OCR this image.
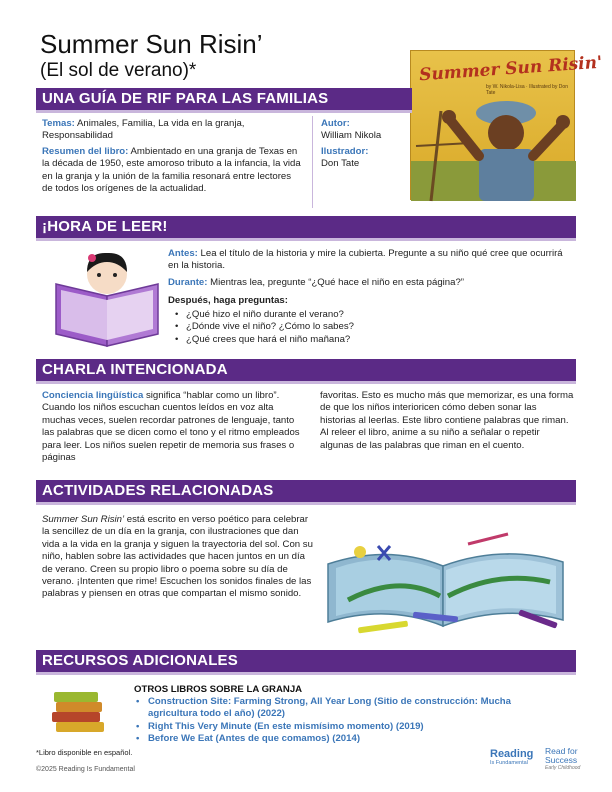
Summer Sun Risin’
(El sol de verano)*	Summer Sun Risin'
by W. Nikola-Lisa · Illustrated by Don Tate
UNA GUÍA DE RIF PARA LAS FAMILIAS
Temas: Animales, Familia, La vida en la granja, Responsabilidad
Resumen del libro: Ambientado en una granja de Texas en la década de 1950, este amoroso tributo a la infancia, la vida en la granja y la unión de la familia resonará entre lectores de todos los orígenes de la actualidad.
Autor:
William Nikola
Ilustrador:
Don Tate
¡HORA DE LEER!
Antes: Lea el título de la historia y mire la cubierta. Pregunte a su niño qué cree que ocurrirá en la historia.
Durante: Mientras lea, pregunte “¿Qué hace el niño en esta página?”
Después, haga preguntas:
• ¿Qué hizo el niño durante el verano?
• ¿Dónde vive el niño? ¿Cómo lo sabes?
• ¿Qué crees que hará el niño mañana?
CHARLA INTENCIONADA
Conciencia lingüística significa “hablar como un libro”. Cuando los niños escuchan cuentos leídos en voz alta muchas veces, suelen recordar patrones de lenguaje, tanto las palabras que se dicen como el tono y el ritmo empleados para leer. Los niños suelen repetir de memoria sus frases o páginas
favoritas. Esto es mucho más que memorizar, es una forma de que los niños interioricen cómo deben sonar las historias al leerlas. Este libro contiene palabras que riman. Al releer el libro, anime a su niño a señalar o repetir algunas de las palabras que riman en el cuento.
ACTIVIDADES RELACIONADAS
Summer Sun Risin’ está escrito en verso poético para celebrar la sencillez de un día en la granja, con ilustraciones que dan vida a la vida en la granja y siguen la trayectoria del sol. Con su niño, hablen sobre las actividades que hacen juntos en un día de verano. Creen su propio libro o poema sobre su día de verano. ¡Intenten que rime! Escuchen los sonidos finales de las palabras y piensen en otras que compartan el mismo sonido.
RECURSOS ADICIONALES
OTROS LIBROS SOBRE LA GRANJA
• Construction Site: Farming Strong, All Year Long (Sitio de construcción: Mucha agricultura todo el año) (2022)
• Right This Very Minute (En este mismísimo momento) (2019)
• Before We Eat (Antes de que comamos) (2014)
*Libro disponible en español.
©2025 Reading Is Fundamental
Reading
Is Fundamental
Read for Success
Early Childhood
